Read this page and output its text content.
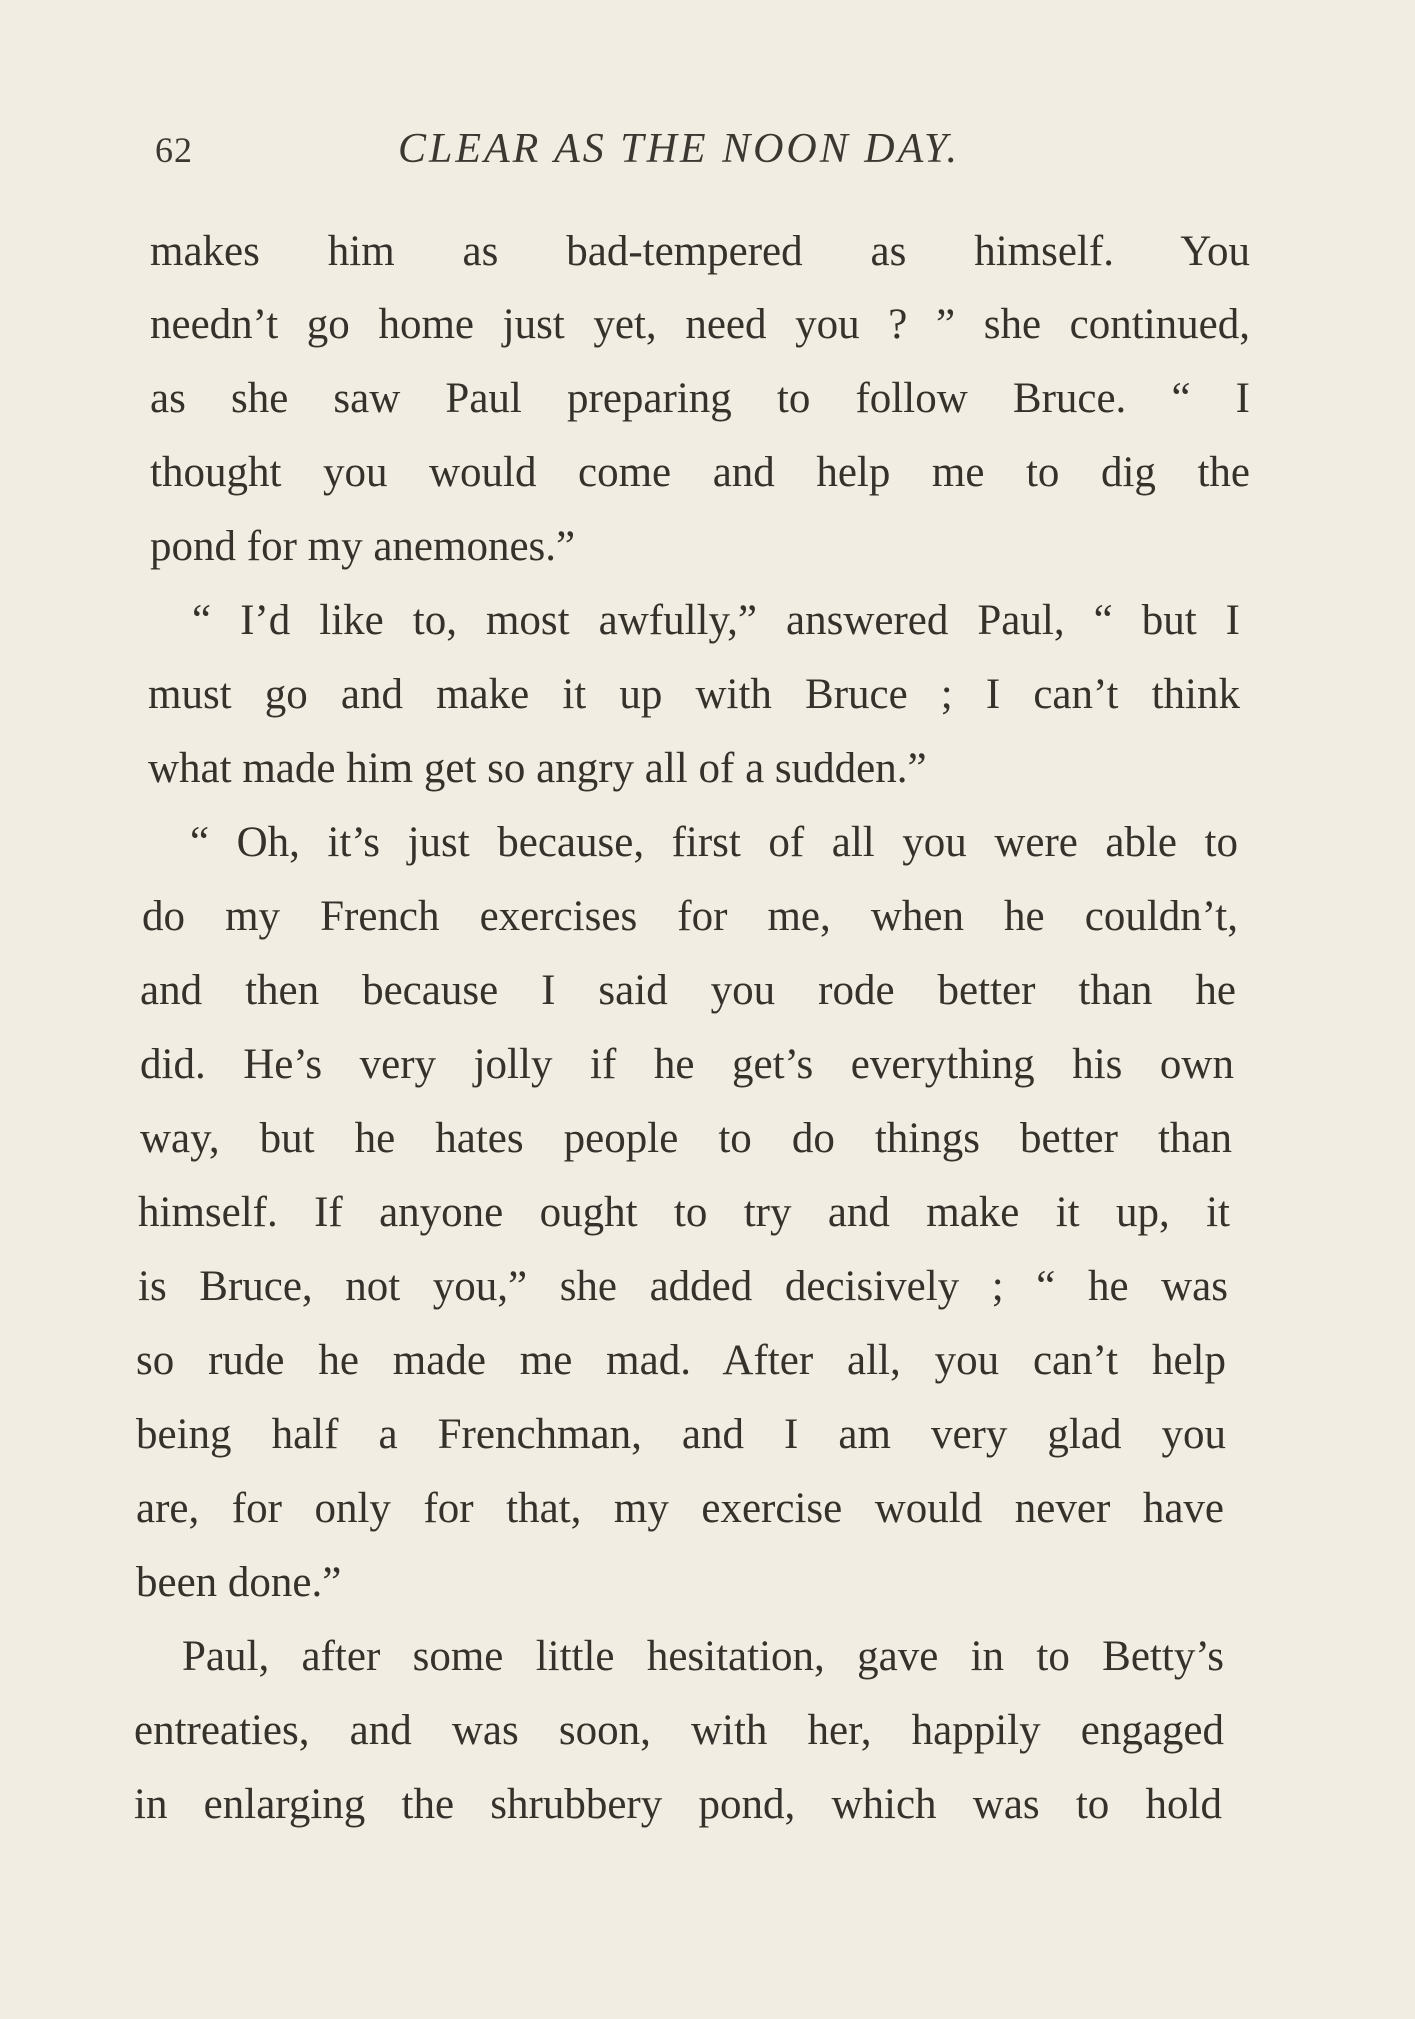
62	CLEAR AS THE NOON DAY.
makes him as bad-tempered as himself. You
needn’t go home just yet, need you ? ” she continued,
as she saw Paul preparing to follow Bruce. “ I
thought you would come and help me to dig the
pond for my anemones.”
“ I’d like to, most awfully,” answered Paul, “ but I
must go and make it up with Bruce ; I can’t think
what made him get so angry all of a sudden.”
“ Oh, it’s just because, first of all you were able to
do my French exercises for me, when he couldn’t,
and then because I said you rode better than he
did. He’s very jolly if he get’s everything his own
way, but he hates people to do things better than
himself. If anyone ought to try and make it up, it
is Bruce, not you,” she added decisively ; “ he was
so rude he made me mad. After all, you can’t help
being half a Frenchman, and I am very glad you
are, for only for that, my exercise would never have
been done.”
Paul, after some little hesitation, gave in to Betty’s
entreaties, and was soon, with her, happily engaged
in enlarging the shrubbery pond, which was to hold
